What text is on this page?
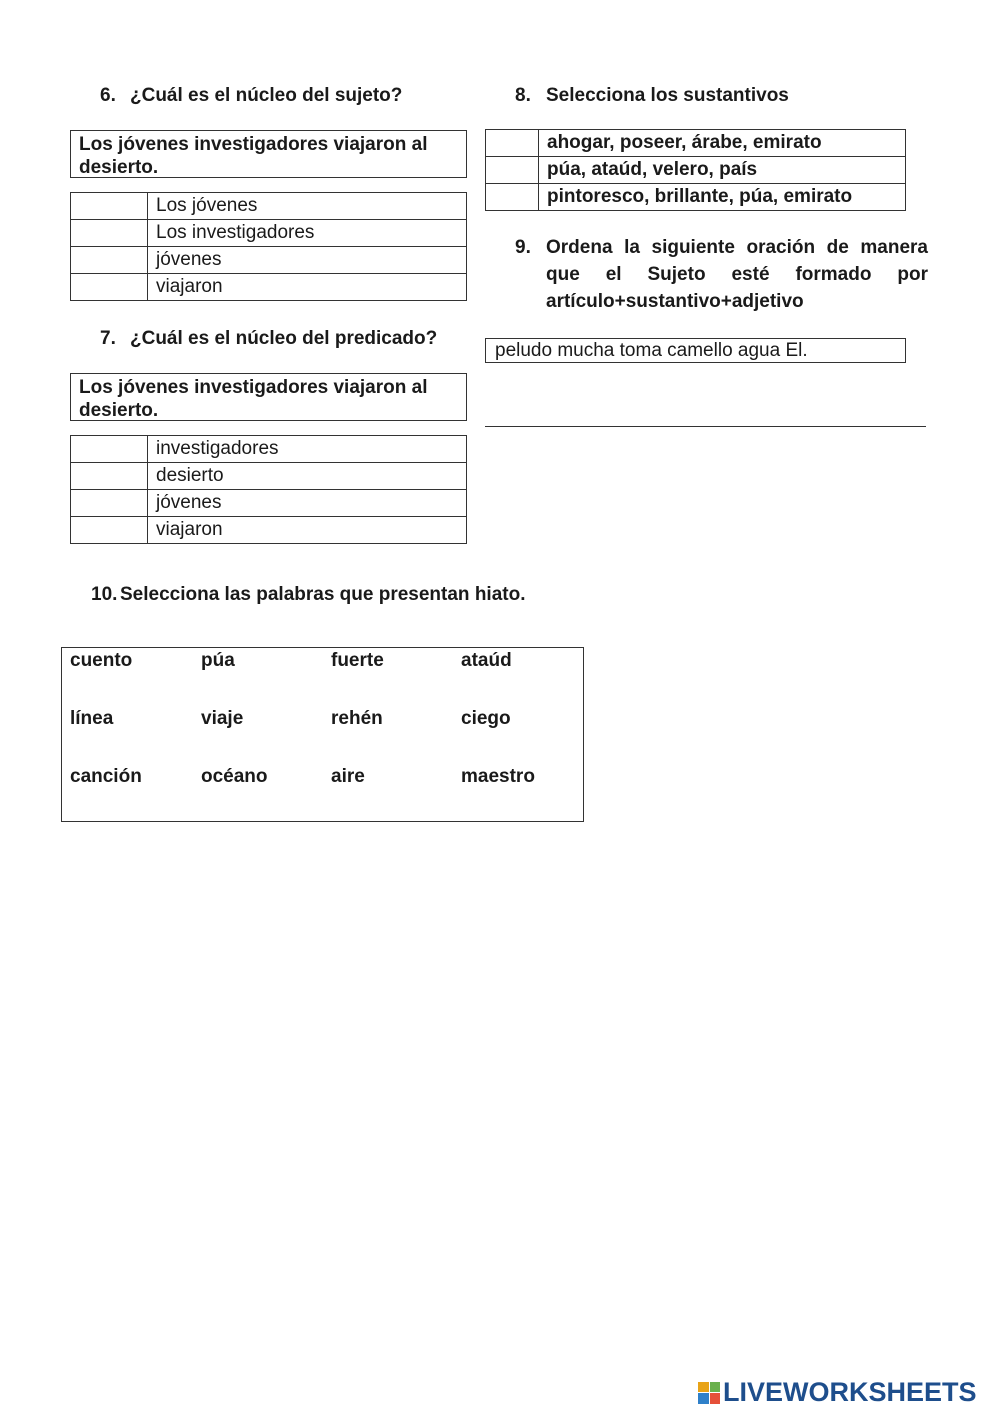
6. ¿Cuál es el núcleo del sujeto?
Los jóvenes investigadores viajaron al desierto.
	Los jóvenes
	Los investigadores
	jóvenes
	viajaron
7. ¿Cuál es el núcleo del predicado?
Los jóvenes investigadores viajaron al desierto.
	investigadores
	desierto
	jóvenes
	viajaron
8. Selecciona los sustantivos
	ahogar, poseer, árabe, emirato
	púa, ataúd, velero, país
	pintoresco, brillante, púa, emirato
9. Ordena la siguiente oración de manera que el Sujeto esté formado por artículo+sustantivo+adjetivo
peludo mucha toma camello agua El.
10. Selecciona las palabras que presentan hiato.
cuento	púa	fuerte	ataúd
línea	viaje	rehén	ciego
canción	océano	aire	maestro
LIVEWORKSHEETS
